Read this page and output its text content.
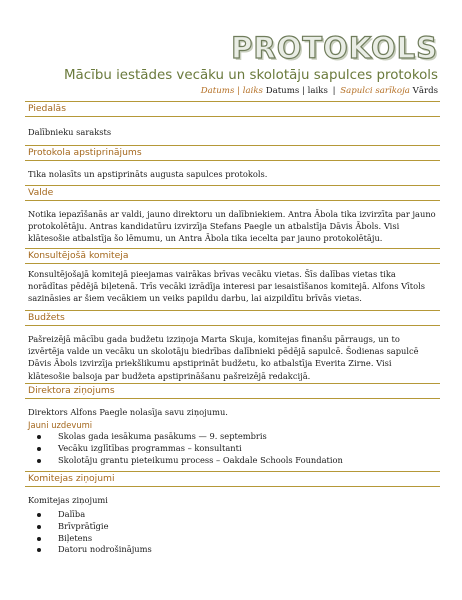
PROTOKOLS
Mācību iestādes vecāku un skolotāju sapulces protokols
Datums | laiks Datums | laiks | Sapulci sarīkoja Vārds
Piedalās
Dalībnieku saraksts
Protokola apstiprinājums
Tika nolasīts un apstiprināts augusta sapulces protokols.
Valde
Notika iepazīšanās ar valdi, jauno direktoru un dalībniekiem. Antra Ābola tika izvirzīta par jauno protokolētāju. Antras kandidatūru izvirzīja Stefans Paegle un atbalstīja Dāvis Ābols. Visi klātesošie atbalstīja šo lēmumu, un Antra Ābola tika iecelta par jauno protokolētāju.
Konsultējošā komiteja
Konsultējošajā komitejā pieejamas vairākas brīvas vecāku vietas. Šīs dalības vietas tika norādītas pēdējā biļetenā. Trīs vecāki izrādīja interesi par iesaistīšanos komitejā. Alfons Vītols sazināsies ar šiem vecākiem un veiks papildu darbu, lai aizpildītu brīvās vietas.
Budžets
Pašreizējā mācību gada budžetu izziņoja Marta Skuja, komitejas finanšu pārraugs, un to izvērtēja valde un vecāku un skolotāju biedrības dalībnieki pēdējā sapulcē. Šodienas sapulcē Dāvis Ābols izvirzīja priekšlikumu apstiprināt budžetu, ko atbalstīja Everita Zirne. Visi klātesošie balsoja par budžeta apstiprināšanu pašreizējā redakcijā.
Direktora ziņojums
Direktors Alfons Paegle nolasīja savu ziņojumu.
Jauni uzdevumi
Skolas gada iesākuma pasākums — 9. septembris
Vecāku izglītības programmas – konsultanti
Skolotāju grantu pieteikumu process – Oakdale Schools Foundation
Komitejas ziņojumi
Komitejas ziņojumi
Dalība
Brīvprātīgie
Biļetens
Datoru nodrošinājums
